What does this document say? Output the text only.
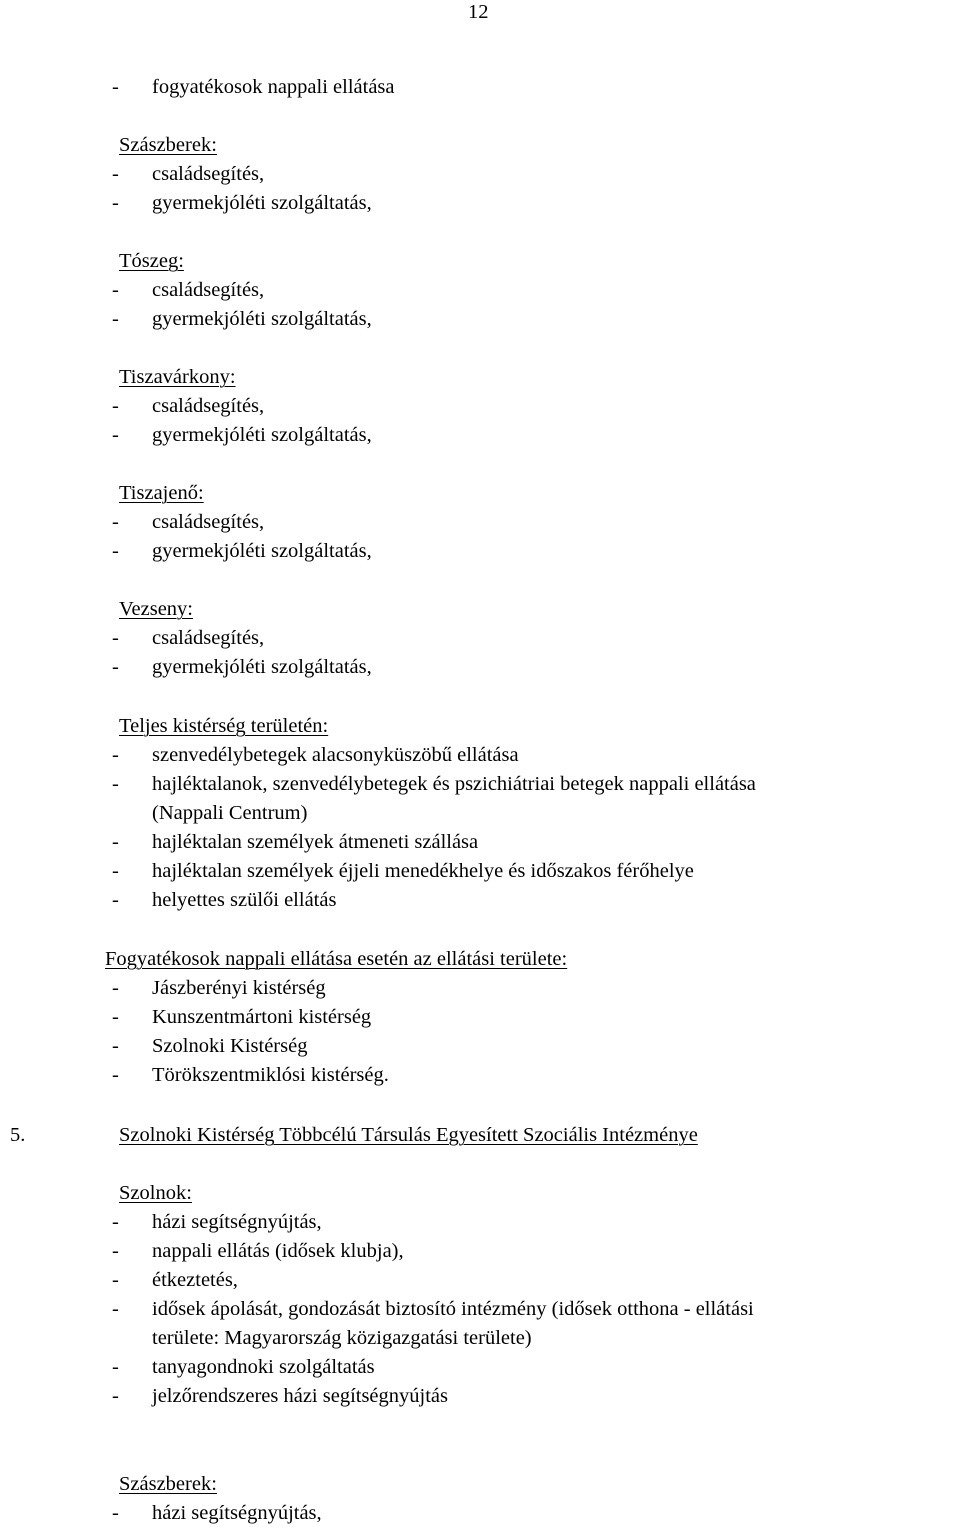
12
- fogyatékosok nappali ellátása
Szászberek:
- családsegítés,
- gyermekjóléti szolgáltatás,
Tószeg:
- családsegítés,
- gyermekjóléti szolgáltatás,
Tiszavárkony:
- családsegítés,
- gyermekjóléti szolgáltatás,
Tiszajenő:
- családsegítés,
- gyermekjóléti szolgáltatás,
Vezseny:
- családsegítés,
- gyermekjóléti szolgáltatás,
Teljes kistérség területén:
- szenvedélybetegek alacsonyküszöbű ellátása
- hajléktalanok, szenvedélybetegek és pszichiátriai betegek nappali ellátása
(Nappali Centrum)
- hajléktalan személyek átmeneti szállása
- hajléktalan személyek éjjeli menedékhelye és időszakos férőhelye
- helyettes szülői ellátás
Fogyatékosok nappali ellátása esetén az ellátási területe:
- Jászberényi kistérség
- Kunszentmártoni kistérség
- Szolnoki Kistérség
- Törökszentmiklósi kistérség.
5.	Szolnoki Kistérség Többcélú Társulás Egyesített Szociális Intézménye
Szolnok:
- házi segítségnyújtás,
- nappali ellátás (idősek klubja),
- étkeztetés,
- idősek ápolását, gondozását biztosító intézmény (idősek otthona - ellátási
területe: Magyarország közigazgatási területe)
- tanyagondnoki szolgáltatás
- jelzőrendszeres házi segítségnyújtás
Szászberek:
- házi segítségnyújtás,
